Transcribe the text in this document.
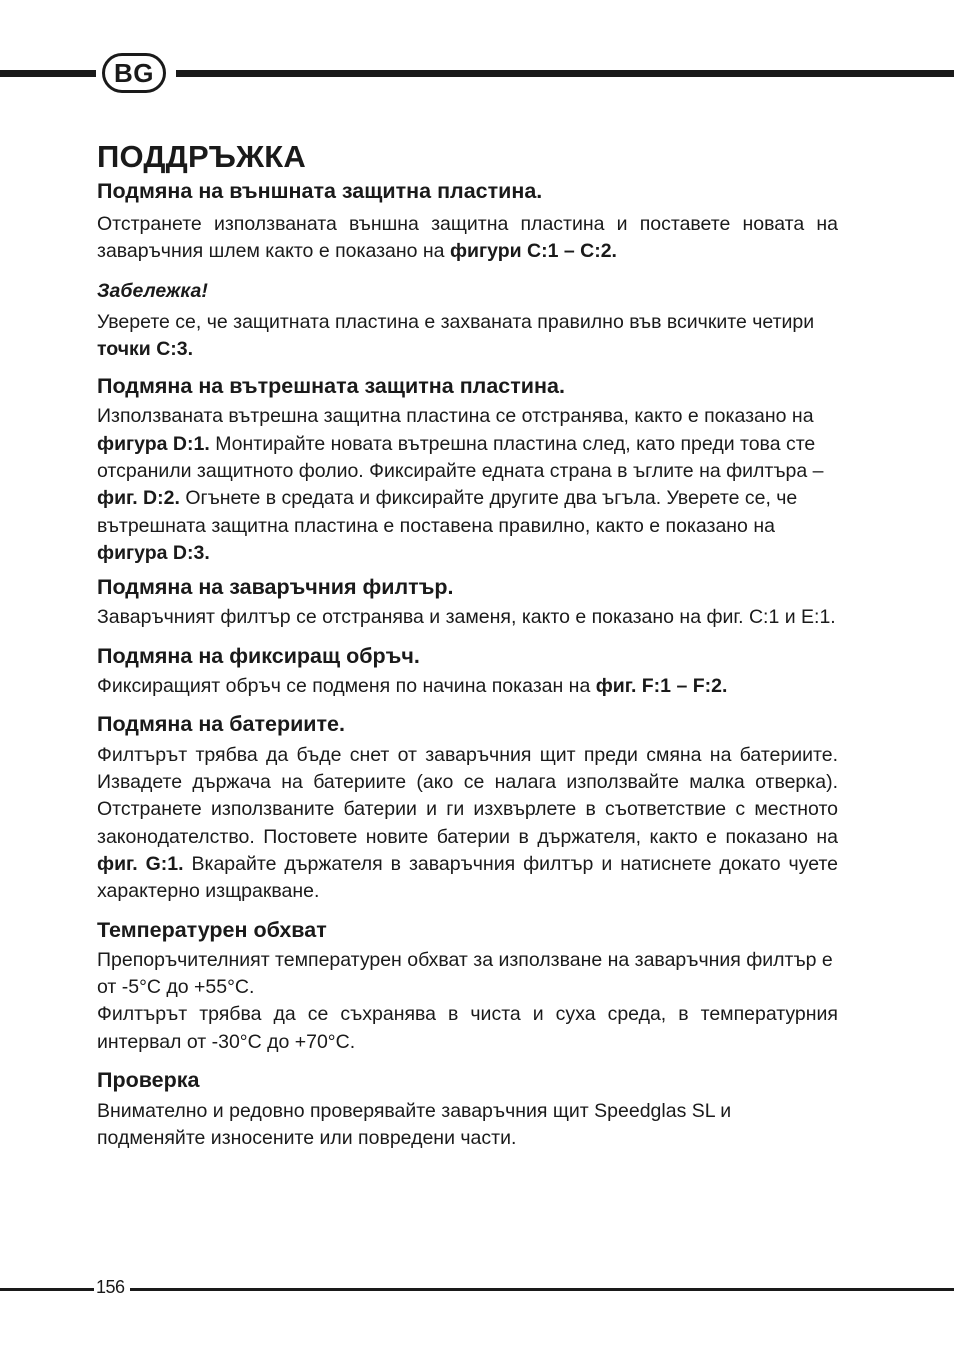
BG
ПОДДРЪЖКА
Подмяна на външната защитна пластина.

Отстранете използваната външна защитна пластина и поставете новата на заваръчния шлем както е показано на фигури С:1 – С:2.

Забележка!

Уверете се, че защитната пластина е захваната правилно във всичките четири точки С:3.

Подмяна на вътрешната защитна пластина.

Използваната вътрешна защитна пластина се отстранява, както е показано на фигура D:1. Монтирайте новата вътрешна пластина след, като преди това сте отсранили защитното фолио. Фиксирайте едната страна в ъглите на филтъра – фиг. D:2. Огънете в средата и фиксирайте другите два ъгъла. Уверете се, че вътрешната защитна пластина е поставена правилно, както е показано на фигура D:3.

Подмяна на заваръчния филтър.

Заваръчният филтър се отстранява и заменя, както е показано на фиг. С:1 и Е:1.

Подмяна на фиксиращ обръч.

Фиксиращият обръч се подменя по начина показан на фиг. F:1 – F:2.

Подмяна на батериите.

Филтърът трябва да бъде снет от заваръчния щит преди смяна на батериите. Извадете държача на батериите (ако се налага използвайте малка отверка). Отстранете използваните батерии и ги изхвърлете в съответствие с местното законодателство. Постовете новите батерии в държателя, както е показано на фиг. G:1. Вкарайте държателя в заваръчния филтър и натиснете докато чуете характерно изщракване.

Температурен обхват

Препоръчителният температурен обхват за използване на заваръчния филтър е от -5°С до +55°С.

Филтърът трябва да се съхранява в чиста и суха среда, в температурния интервал от -30°С до +70°С.

Проверка

Внимателно и редовно проверявайте заваръчния щит Speedglas SL и подменяйте износените или повредени части.

156
